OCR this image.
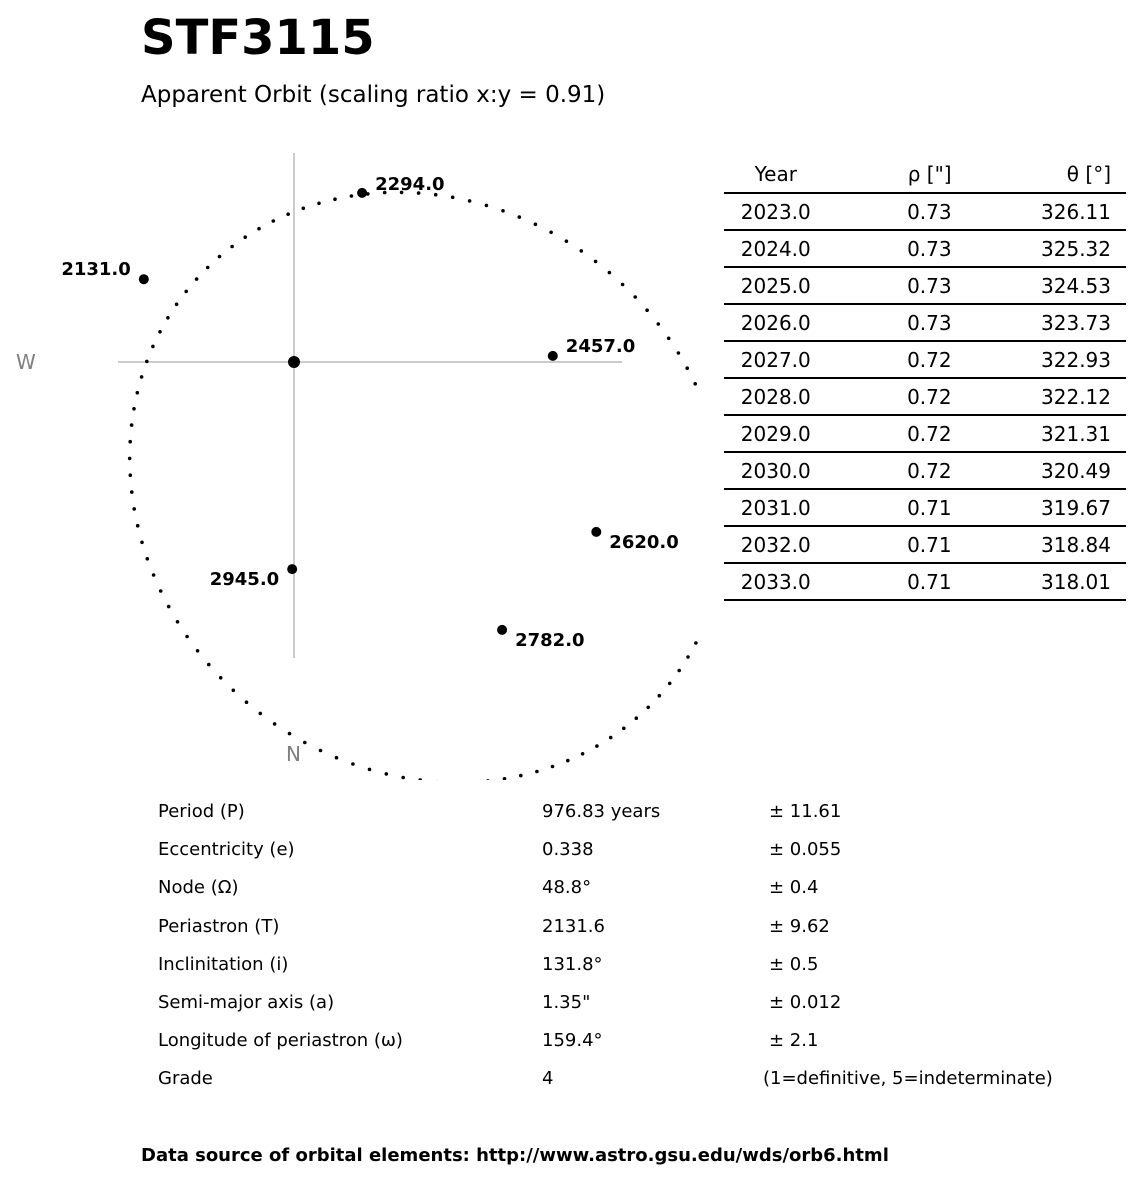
STF3115
Apparent Orbit (scaling ratio x:y = 0.91)
W
N
2131.0
2294.0
2457.0
2620.0
2782.0
2945.0
Year	ρ ["]	θ [°]
2023.0	0.73	326.11
2024.0	0.73	325.32
2025.0	0.73	324.53
2026.0	0.73	323.73
2027.0	0.72	322.93
2028.0	0.72	322.12
2029.0	0.72	321.31
2030.0	0.72	320.49
2031.0	0.71	319.67
2032.0	0.71	318.84
2033.0	0.71	318.01
Period (P)	976.83 years	± 11.61
Eccentricity (e)	0.338	± 0.055
Node (Ω)	48.8°	± 0.4
Periastron (T)	2131.6	± 9.62
Inclinitation (i)	131.8°	± 0.5
Semi-major axis (a)	1.35"	± 0.012
Longitude of periastron (ω)	159.4°	± 2.1
Grade	4	(1=definitive, 5=indeterminate)
Data source of orbital elements: http://www.astro.gsu.edu/wds/orb6.html
